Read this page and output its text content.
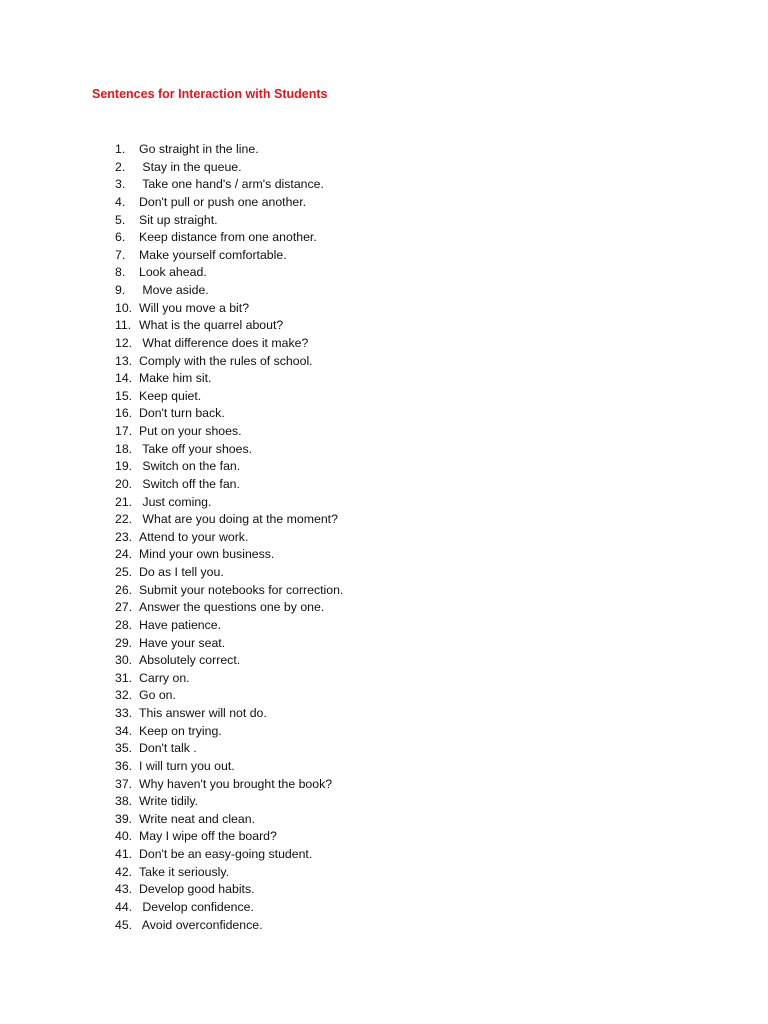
Sentences for Interaction with Students
1. Go straight in the line.
2. Stay in the queue.
3. Take one hand's / arm's distance.
4. Don't pull or push one another.
5. Sit up straight.
6. Keep distance from one another.
7. Make yourself comfortable.
8. Look ahead.
9. Move aside.
10. Will you move a bit?
11. What is the quarrel about?
12. What difference does it make?
13. Comply with the rules of school.
14. Make him sit.
15. Keep quiet.
16. Don't turn back.
17. Put on your shoes.
18. Take off your shoes.
19. Switch on the fan.
20. Switch off the fan.
21. Just coming.
22. What are you doing at the moment?
23. Attend to your work.
24. Mind your own business.
25. Do as I tell you.
26. Submit your notebooks for correction.
27. Answer the questions one by one.
28. Have patience.
29. Have your seat.
30. Absolutely correct.
31. Carry on.
32. Go on.
33. This answer will not do.
34. Keep on trying.
35. Don't talk .
36. I will turn you out.
37. Why haven't you brought the book?
38. Write tidily.
39. Write neat and clean.
40. May I wipe off the board?
41. Don't be an easy-going student.
42. Take it seriously.
43. Develop good habits.
44. Develop confidence.
45. Avoid overconfidence.
